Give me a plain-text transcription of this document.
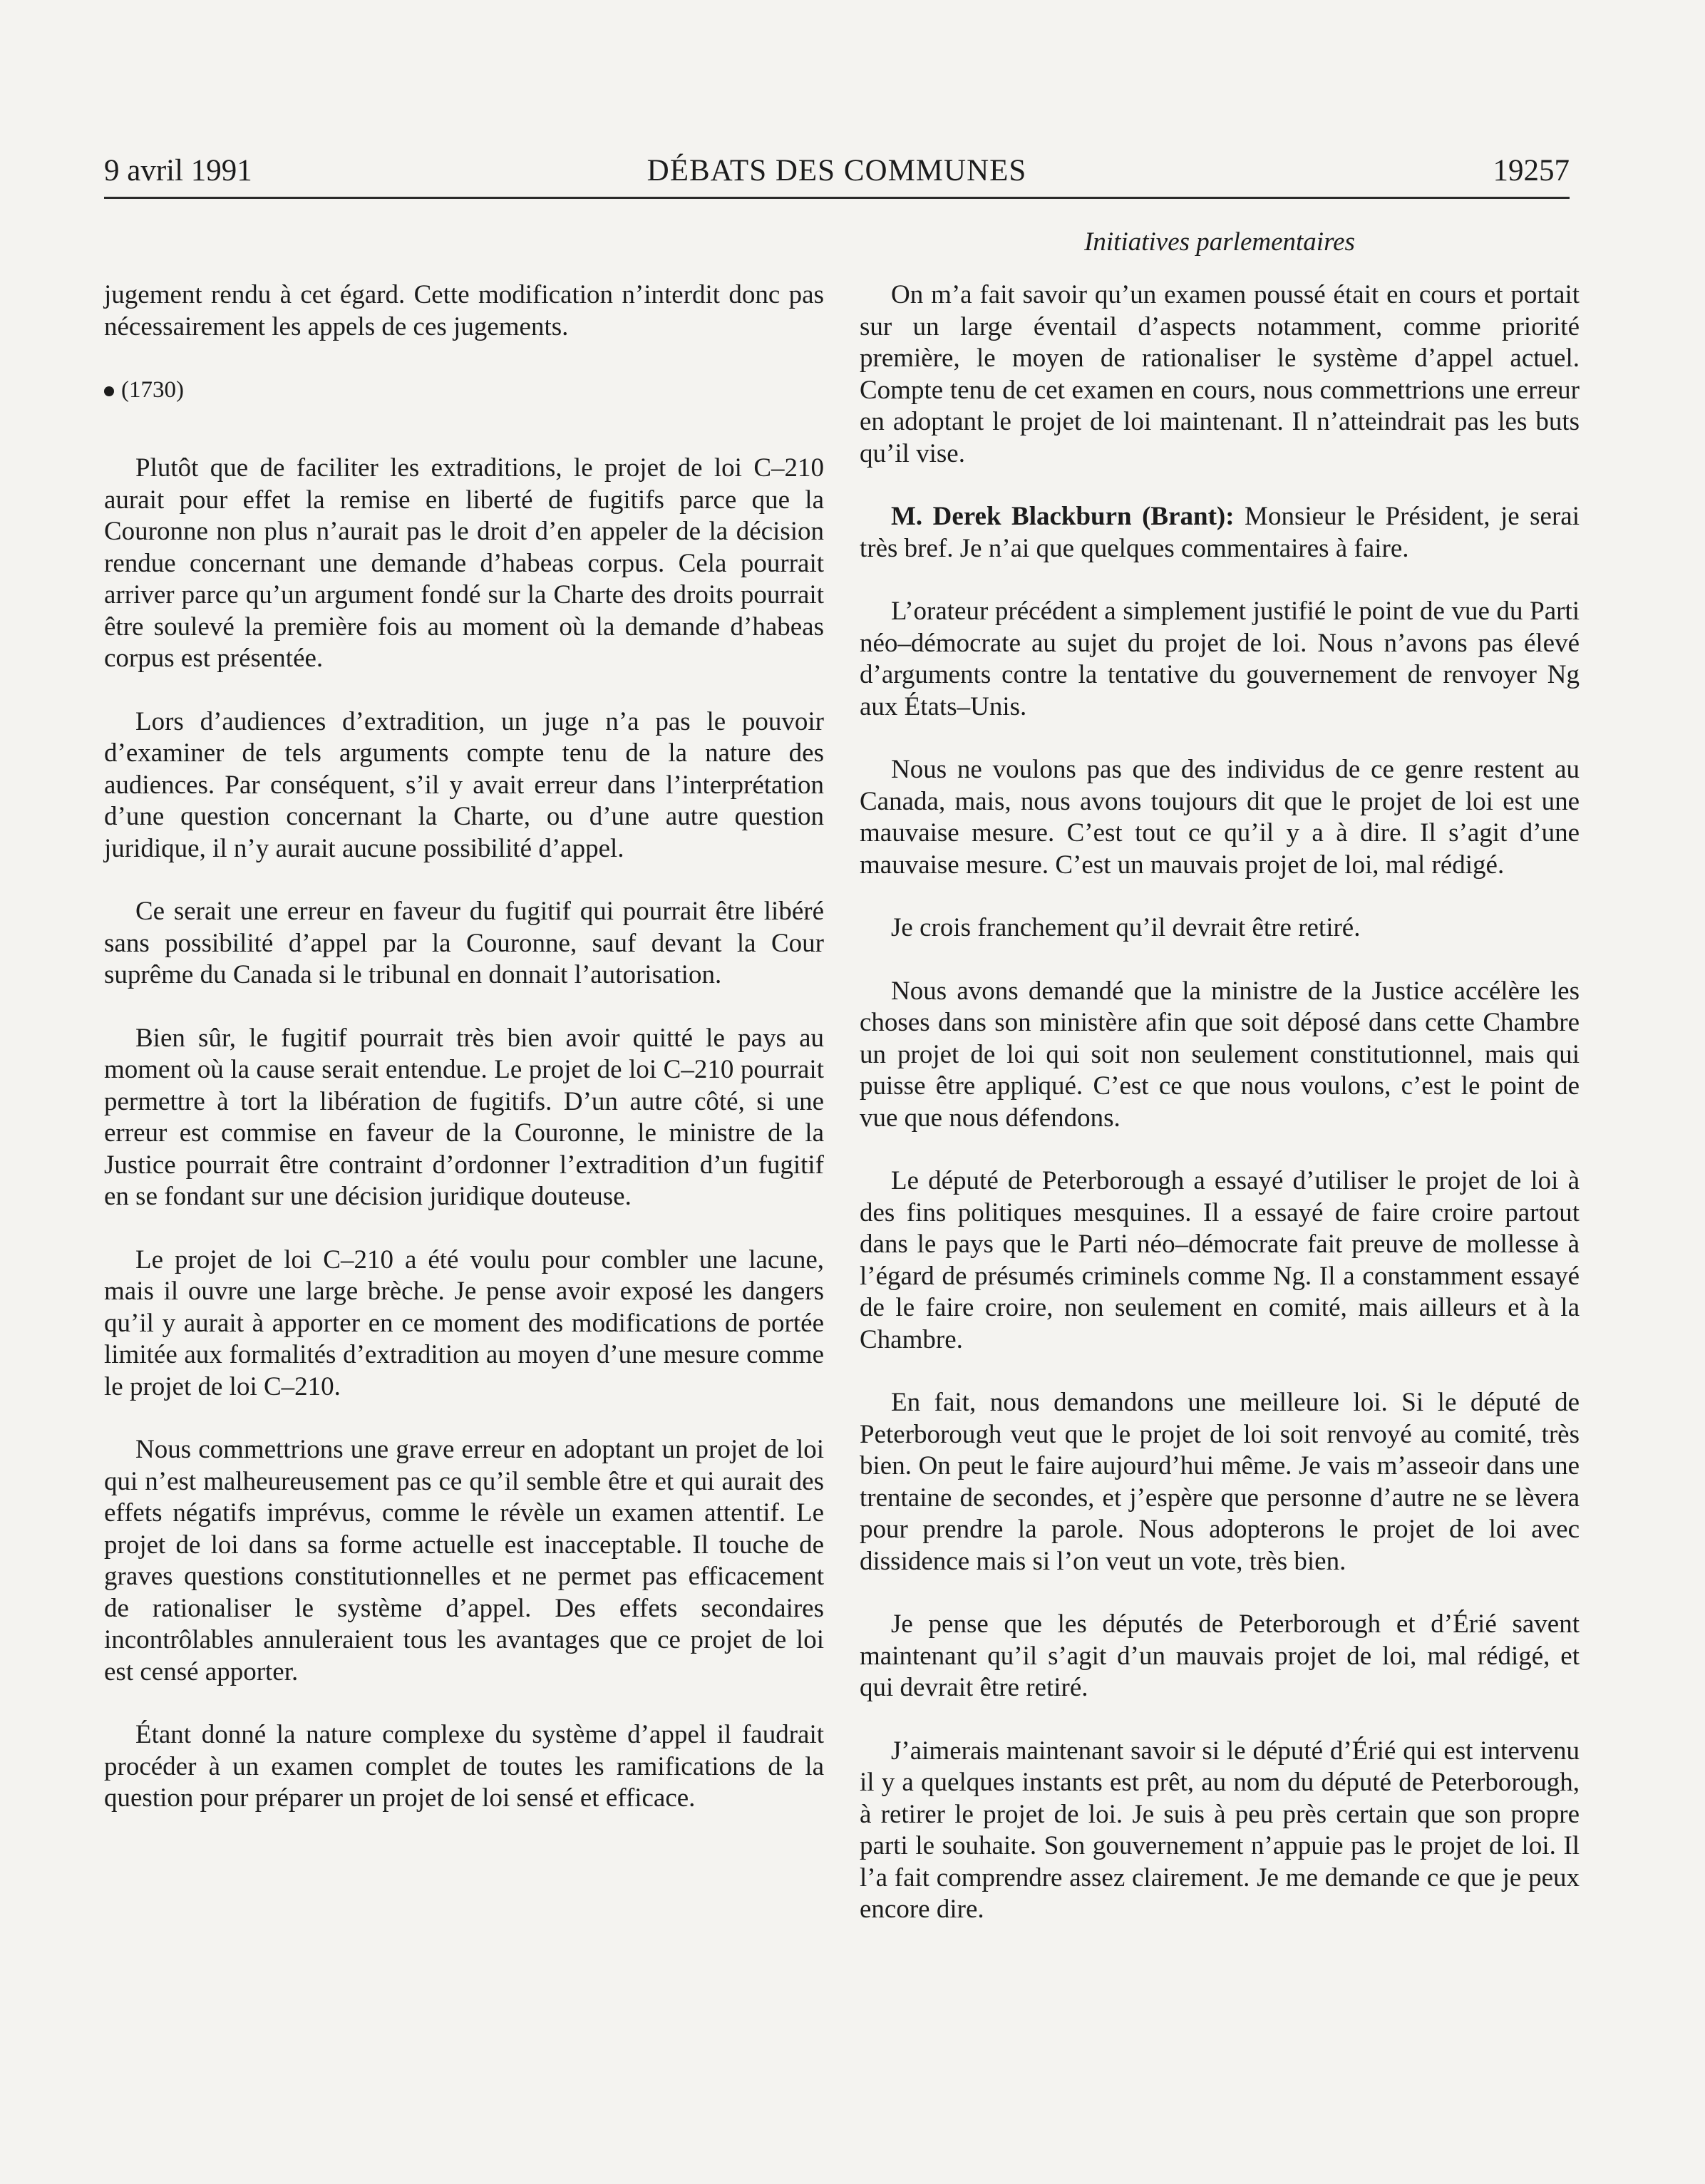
9 avril 1991	DÉBATS DES COMMUNES	19257

jugement rendu à cet égard. Cette modification n’interdit donc pas nécessairement les appels de ces jugements.

(1730)

Plutôt que de faciliter les extraditions, le projet de loi C–210 aurait pour effet la remise en liberté de fugitifs parce que la Couronne non plus n’aurait pas le droit d’en appeler de la décision rendue concernant une demande d’habeas corpus. Cela pourrait arriver parce qu’un argument fondé sur la Charte des droits pourrait être soulevé la première fois au moment où la demande d’habeas corpus est présentée.

Lors d’audiences d’extradition, un juge n’a pas le pouvoir d’examiner de tels arguments compte tenu de la nature des audiences. Par conséquent, s’il y avait erreur dans l’interprétation d’une question concernant la Charte, ou d’une autre question juridique, il n’y aurait aucune possibilité d’appel.

Ce serait une erreur en faveur du fugitif qui pourrait être libéré sans possibilité d’appel par la Couronne, sauf devant la Cour suprême du Canada si le tribunal en donnait l’autorisation.

Bien sûr, le fugitif pourrait très bien avoir quitté le pays au moment où la cause serait entendue. Le projet de loi C–210 pourrait permettre à tort la libération de fugitifs. D’un autre côté, si une erreur est commise en faveur de la Couronne, le ministre de la Justice pourrait être contraint d’ordonner l’extradition d’un fugitif en se fondant sur une décision juridique douteuse.

Le projet de loi C–210 a été voulu pour combler une lacune, mais il ouvre une large brèche. Je pense avoir exposé les dangers qu’il y aurait à apporter en ce moment des modifications de portée limitée aux formalités d’extradition au moyen d’une mesure comme le projet de loi C–210.

Nous commettrions une grave erreur en adoptant un projet de loi qui n’est malheureusement pas ce qu’il semble être et qui aurait des effets négatifs imprévus, comme le révèle un examen attentif. Le projet de loi dans sa forme actuelle est inacceptable. Il touche de graves questions constitutionnelles et ne permet pas efficacement de rationaliser le système d’appel. Des effets secondaires incontrôlables annuleraient tous les avantages que ce projet de loi est censé apporter.

Étant donné la nature complexe du système d’appel il faudrait procéder à un examen complet de toutes les ramifications de la question pour préparer un projet de loi sensé et efficace.

Initiatives parlementaires

On m’a fait savoir qu’un examen poussé était en cours et portait sur un large éventail d’aspects notamment, comme priorité première, le moyen de rationaliser le système d’appel actuel. Compte tenu de cet examen en cours, nous commettrions une erreur en adoptant le projet de loi maintenant. Il n’atteindrait pas les buts qu’il vise.

M. Derek Blackburn (Brant): Monsieur le Président, je serai très bref. Je n’ai que quelques commentaires à faire.

L’orateur précédent a simplement justifié le point de vue du Parti néo–démocrate au sujet du projet de loi. Nous n’avons pas élevé d’arguments contre la tentative du gouvernement de renvoyer Ng aux États–Unis.

Nous ne voulons pas que des individus de ce genre restent au Canada, mais, nous avons toujours dit que le projet de loi est une mauvaise mesure. C’est tout ce qu’il y a à dire. Il s’agit d’une mauvaise mesure. C’est un mauvais projet de loi, mal rédigé.

Je crois franchement qu’il devrait être retiré.

Nous avons demandé que la ministre de la Justice accélère les choses dans son ministère afin que soit déposé dans cette Chambre un projet de loi qui soit non seulement constitutionnel, mais qui puisse être appliqué. C’est ce que nous voulons, c’est le point de vue que nous défendons.

Le député de Peterborough a essayé d’utiliser le projet de loi à des fins politiques mesquines. Il a essayé de faire croire partout dans le pays que le Parti néo–démocrate fait preuve de mollesse à l’égard de présumés criminels comme Ng. Il a constamment essayé de le faire croire, non seulement en comité, mais ailleurs et à la Chambre.

En fait, nous demandons une meilleure loi. Si le député de Peterborough veut que le projet de loi soit renvoyé au comité, très bien. On peut le faire aujourd’hui même. Je vais m’asseoir dans une trentaine de secondes, et j’espère que personne d’autre ne se lèvera pour prendre la parole. Nous adopterons le projet de loi avec dissidence mais si l’on veut un vote, très bien.

Je pense que les députés de Peterborough et d’Érié savent maintenant qu’il s’agit d’un mauvais projet de loi, mal rédigé, et qui devrait être retiré.

J’aimerais maintenant savoir si le député d’Érié qui est intervenu il y a quelques instants est prêt, au nom du député de Peterborough, à retirer le projet de loi. Je suis à peu près certain que son propre parti le souhaite. Son gouvernement n’appuie pas le projet de loi. Il l’a fait comprendre assez clairement. Je me demande ce que je peux encore dire.
